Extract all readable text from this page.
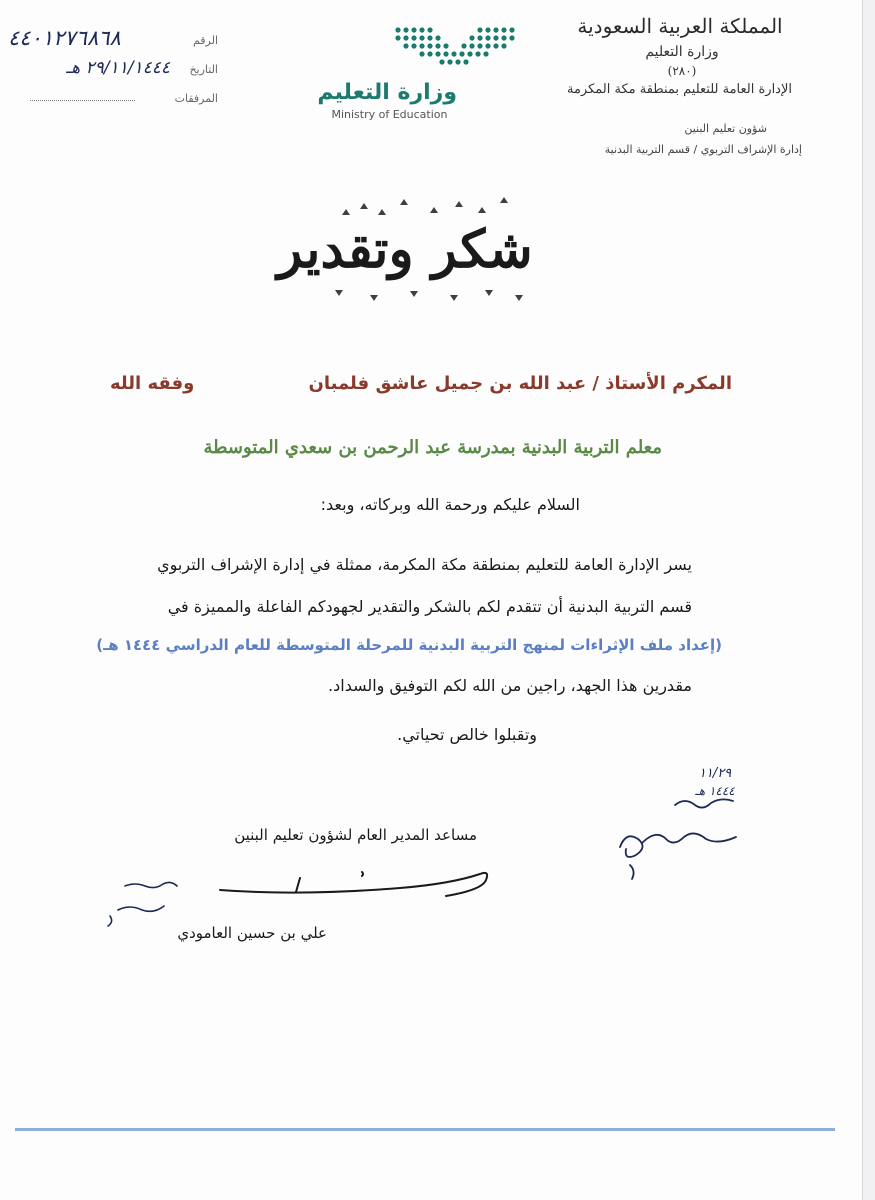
المملكة العربية السعودية
وزارة التعليم
(٢٨٠)
الإدارة العامة للتعليم بمنطقة مكة المكرمة
شؤون تعليم البنين
إدارة الإشراف التربوي / قسم التربية البدنية
وزارة التعليم
Ministry of Education
الرقم
٤٤٠١٢٧٦٨٦٨
التاريخ
٢٩/١١/١٤٤٤ هـ
المرفقات
شكر وتقدير
المكرم الأستاذ / عبد الله بن جميل عاشق فلمبان
وفقه الله
معلم التربية البدنية بمدرسة عبد الرحمن بن سعدي المتوسطة
السلام عليكم ورحمة الله وبركاته، وبعد:
يسر الإدارة العامة للتعليم بمنطقة مكة المكرمة، ممثلة في إدارة الإشراف التربوي
قسم التربية البدنية أن تتقدم لكم بالشكر والتقدير لجهودكم الفاعلة والمميزة في
(إعداد ملف الإثراءات لمنهج التربية البدنية للمرحلة المتوسطة للعام الدراسي ١٤٤٤ هـ)
مقدرين هذا الجهد، راجين من الله لكم التوفيق والسداد.
وتقبلوا خالص تحياتي.
١١/٢٩
١٤٤٤ هـ
مساعد المدير العام لشؤون تعليم البنين
علي بن حسين العامودي
